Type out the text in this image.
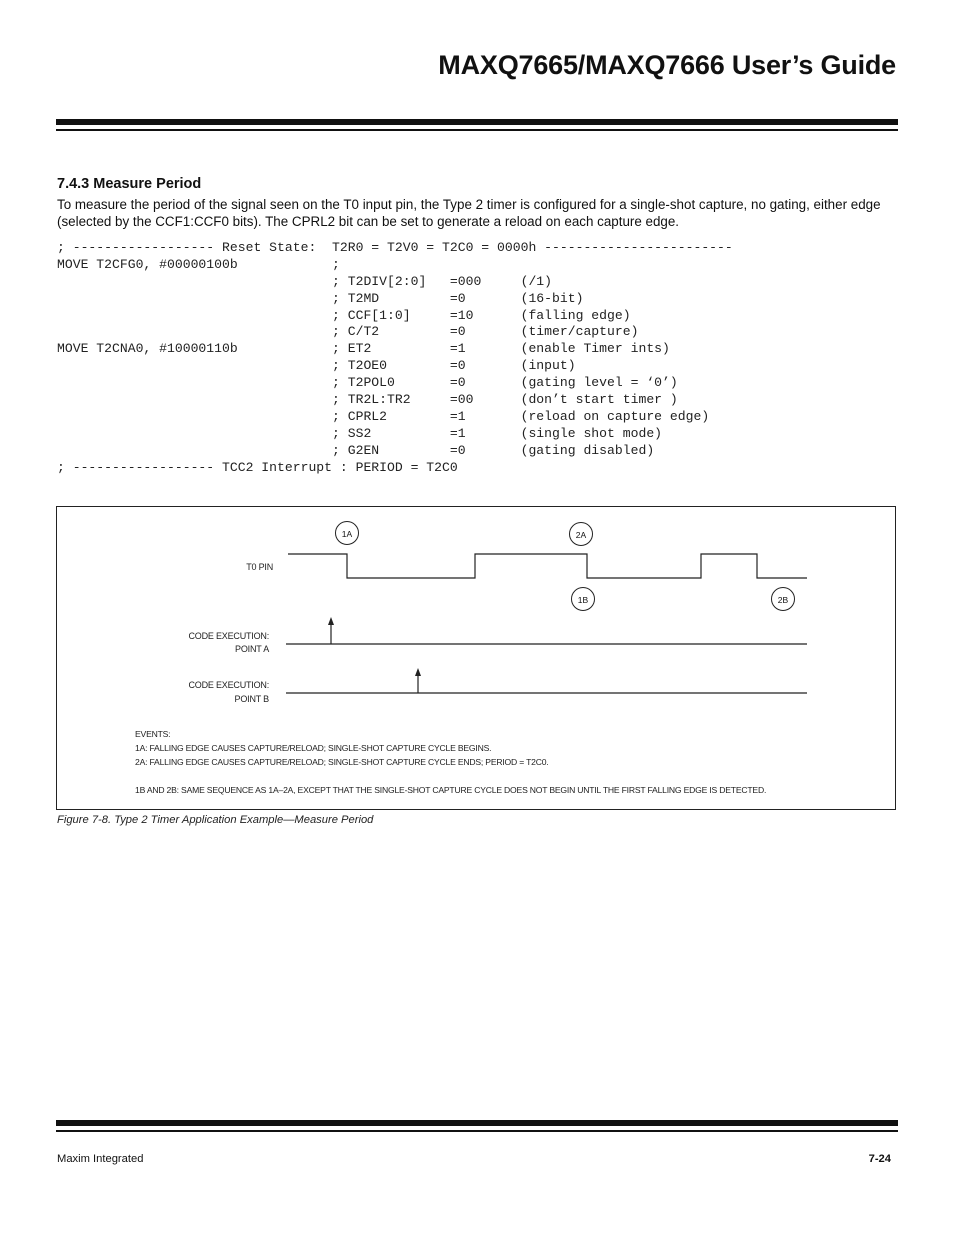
MAXQ7665/MAXQ7666 User’s Guide
7.4.3 Measure Period

To measure the period of the signal seen on the T0 input pin, the Type 2 timer is configured for a single-shot capture, no gating, either edge (selected by the CCF1:CCF0 bits). The CPRL2 bit can be set to generate a reload on each capture edge.

; ------------------ Reset State:  T2R0 = T2V0 = T2C0 = 0000h ------------------------
MOVE T2CFG0, #00000100b            ;
; T2DIV[2:0]   =000     (/1)
; T2MD         =0       (16-bit)
; CCF[1:0]     =10      (falling edge)
; C/T2         =0       (timer/capture)
MOVE T2CNA0, #10000110b            ; ET2          =1       (enable Timer ints)
; T2OE0        =0       (input)
; T2POL0       =0       (gating level = ‘0’)
; TR2L:TR2     =00      (don’t start timer )
; CPRL2        =1       (reload on capture edge)
; SS2          =1       (single shot mode)
; G2EN         =0       (gating disabled)
; ------------------ TCC2 Interrupt : PERIOD = T2C0
1A	2A
1B	2B
T0 PIN
CODE EXECUTION:
POINT A
CODE EXECUTION:
POINT B
EVENTS:
1A: FALLING EDGE CAUSES CAPTURE/RELOAD; SINGLE-SHOT CAPTURE CYCLE BEGINS.
2A: FALLING EDGE CAUSES CAPTURE/RELOAD; SINGLE-SHOT CAPTURE CYCLE ENDS; PERIOD = T2C0.
1B AND 2B: SAME SEQUENCE AS 1A–2A, EXCEPT THAT THE SINGLE-SHOT CAPTURE CYCLE DOES NOT BEGIN UNTIL THE FIRST FALLING EDGE IS DETECTED.

Figure 7-8. Type 2 Timer Application Example—Measure Period

Maxim Integrated	7-24
